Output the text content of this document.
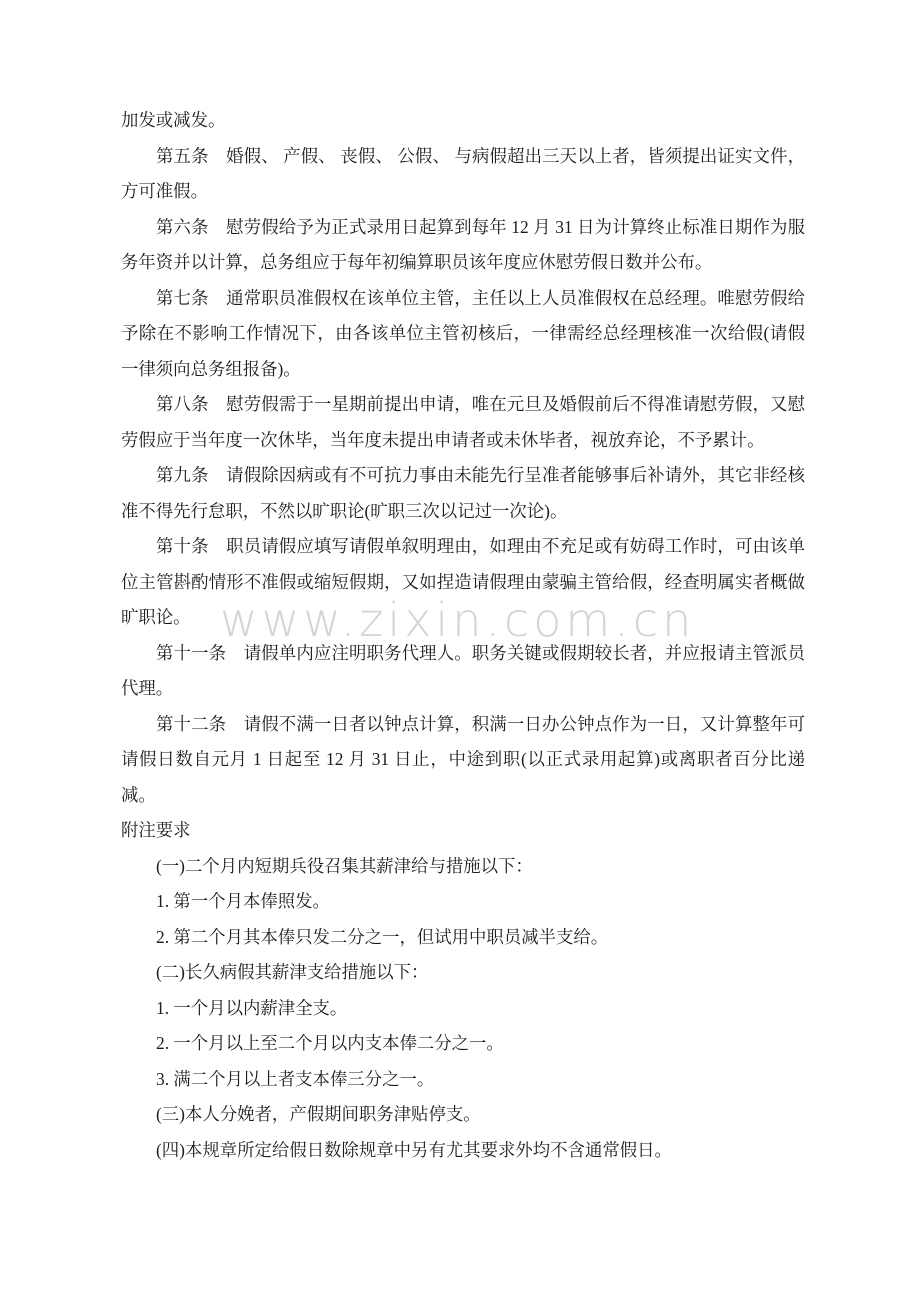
www.zixin.com.cn

加发或减发。

第五条　婚假、 产假、 丧假、 公假、 与病假超出三天以上者，皆须提出证实文件，方可准假。

第六条　慰劳假给予为正式录用日起算到每年 12 月 31 日为计算终止标准日期作为服务年资并以计算，总务组应于每年初编算职员该年度应休慰劳假日数并公布。

第七条　通常职员准假权在该单位主管，主任以上人员准假权在总经理。唯慰劳假给予除在不影响工作情况下，由各该单位主管初核后，一律需经总经理核准一次给假(请假一律须向总务组报备)。

第八条　慰劳假需于一星期前提出申请，唯在元旦及婚假前后不得准请慰劳假，又慰劳假应于当年度一次休毕，当年度未提出申请者或未休毕者，视放弃论，不予累计。

第九条　请假除因病或有不可抗力事由未能先行呈准者能够事后补请外，其它非经核准不得先行怠职，不然以旷职论(旷职三次以记过一次论)。

第十条　职员请假应填写请假单叙明理由，如理由不充足或有妨碍工作时，可由该单位主管斟酌情形不准假或缩短假期，又如捏造请假理由蒙骗主管给假，经查明属实者概做旷职论。

第十一条　请假单内应注明职务代理人。职务关键或假期较长者，并应报请主管派员代理。

第十二条　请假不满一日者以钟点计算，积满一日办公钟点作为一日，又计算整年可请假日数自元月 1 日起至 12 月 31 日止，中途到职(以正式录用起算)或离职者百分比递减。

附注要求

(一)二个月内短期兵役召集其薪津给与措施以下：

1. 第一个月本俸照发。

2. 第二个月其本俸只发二分之一，但试用中职员减半支给。

(二)长久病假其薪津支给措施以下：

1. 一个月以内薪津全支。

2. 一个月以上至二个月以内支本俸二分之一。

3. 满二个月以上者支本俸三分之一。

(三)本人分娩者，产假期间职务津贴停支。

(四)本规章所定给假日数除规章中另有尤其要求外均不含通常假日。
